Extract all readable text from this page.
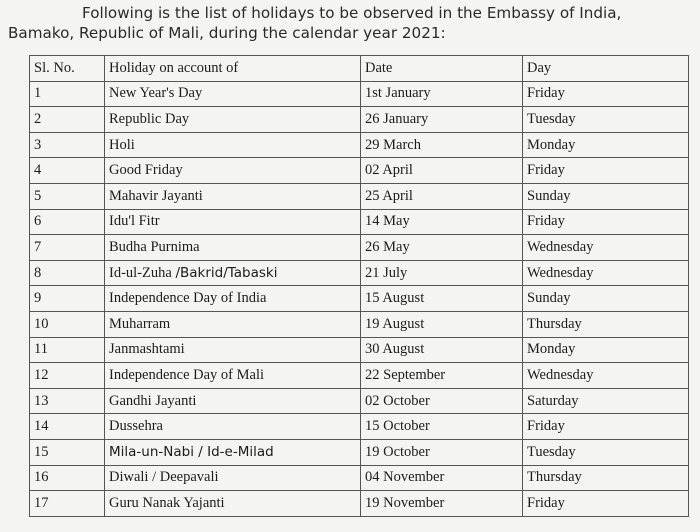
Following is the list of holidays to be observed in the Embassy of India,
Bamako, Republic of Mali, during the calendar year 2021:
Sl. No.	Holiday on account of	Date	Day
1	New Year's Day	1st January	Friday
2	Republic Day	26 January	Tuesday
3	Holi	29 March	Monday
4	Good Friday	02 April	Friday
5	Mahavir Jayanti	25 April	Sunday
6	Idu'l Fitr	14 May	Friday
7	Budha Purnima	26 May	Wednesday
8	Id-ul-Zuha /Bakrid/Tabaski	21 July	Wednesday
9	Independence Day of India	15 August	Sunday
10	Muharram	19 August	Thursday
11	Janmashtami	30 August	Monday
12	Independence Day of Mali	22 September	Wednesday
13	Gandhi Jayanti	02 October	Saturday
14	Dussehra	15 October	Friday
15	Mila-un-Nabi / Id-e-Milad	19 October	Tuesday
16	Diwali / Deepavali	04 November	Thursday
17	Guru Nanak Yajanti	19 November	Friday
